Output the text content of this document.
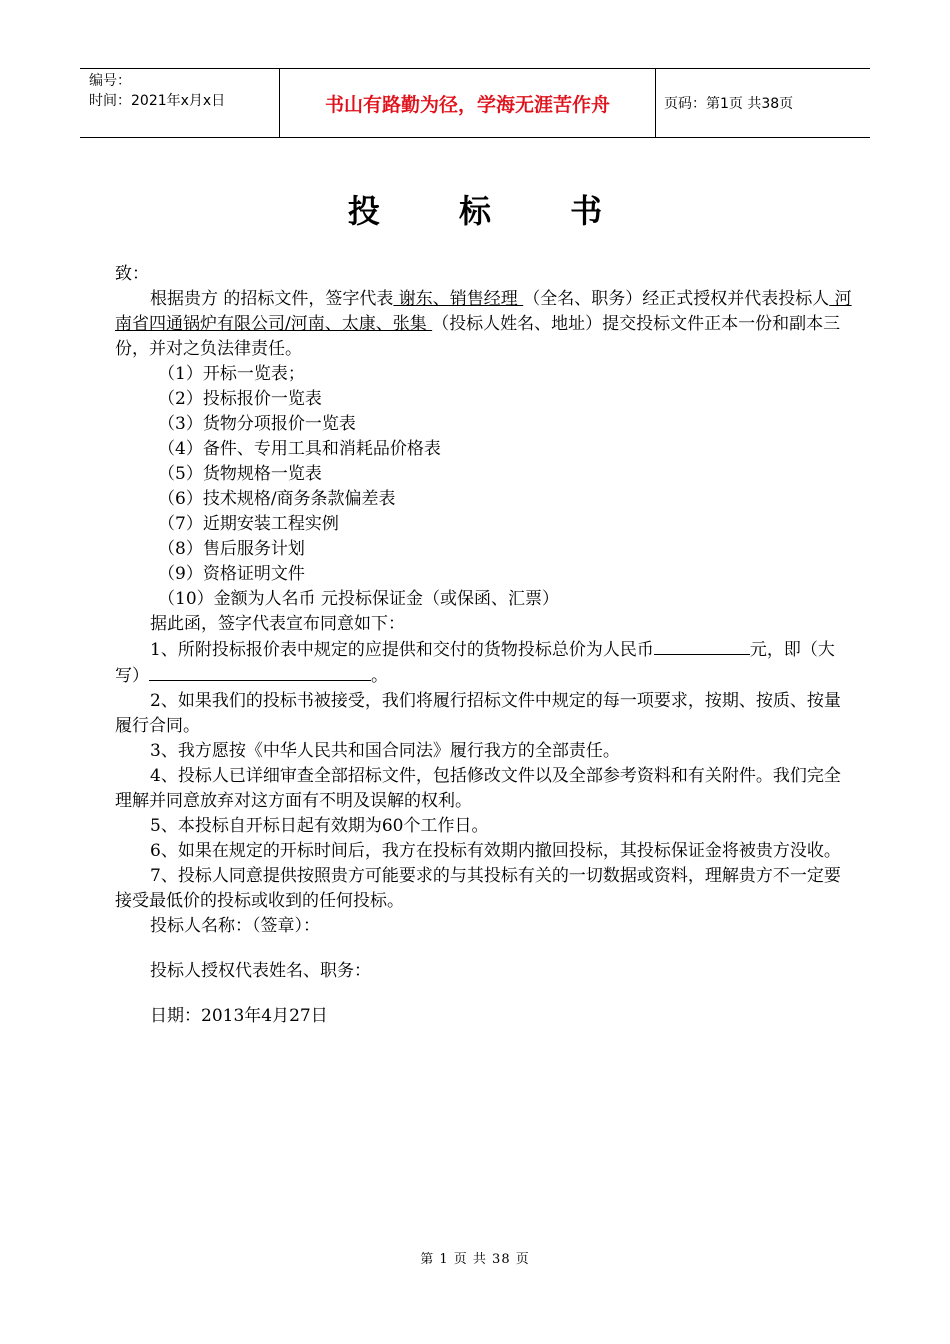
编号：
时间：2021年x月x日	书山有路勤为径，学海无涯苦作舟	页码：第1页 共38页
投 标 书

致：

根据贵方 的招标文件，签字代表 谢东、销售经理 （全名、职务）经正式授权并代表投标人 河南省四通锅炉有限公司/河南、太康、张集 （投标人姓名、地址）提交投标文件正本一份和副本三份，并对之负法律责任。

（1）开标一览表；

（2）投标报价一览表

（3）货物分项报价一览表

（4）备件、专用工具和消耗品价格表

（5）货物规格一览表

（6）技术规格/商务条款偏差表

（7）近期安装工程实例

（8）售后服务计划

（9）资格证明文件

（10）金额为人名币 元投标保证金（或保函、汇票）

据此函，签字代表宣布同意如下：

1、所附投标报价表中规定的应提供和交付的货物投标总价为人民币	元，即（大写）	。

2、如果我们的投标书被接受，我们将履行招标文件中规定的每一项要求，按期、按质、按量履行合同。

3、我方愿按《中华人民共和国合同法》履行我方的全部责任。

4、投标人已详细审查全部招标文件，包括修改文件以及全部参考资料和有关附件。我们完全理解并同意放弃对这方面有不明及误解的权利。

5、本投标自开标日起有效期为60个工作日。

6、如果在规定的开标时间后，我方在投标有效期内撤回投标，其投标保证金将被贵方没收。

7、投标人同意提供按照贵方可能要求的与其投标有关的一切数据或资料，理解贵方不一定要接受最低价的投标或收到的任何投标。

投标人名称：（签章）：

投标人授权代表姓名、职务：

日期：2013年4月27日

第 1 页 共 38 页
